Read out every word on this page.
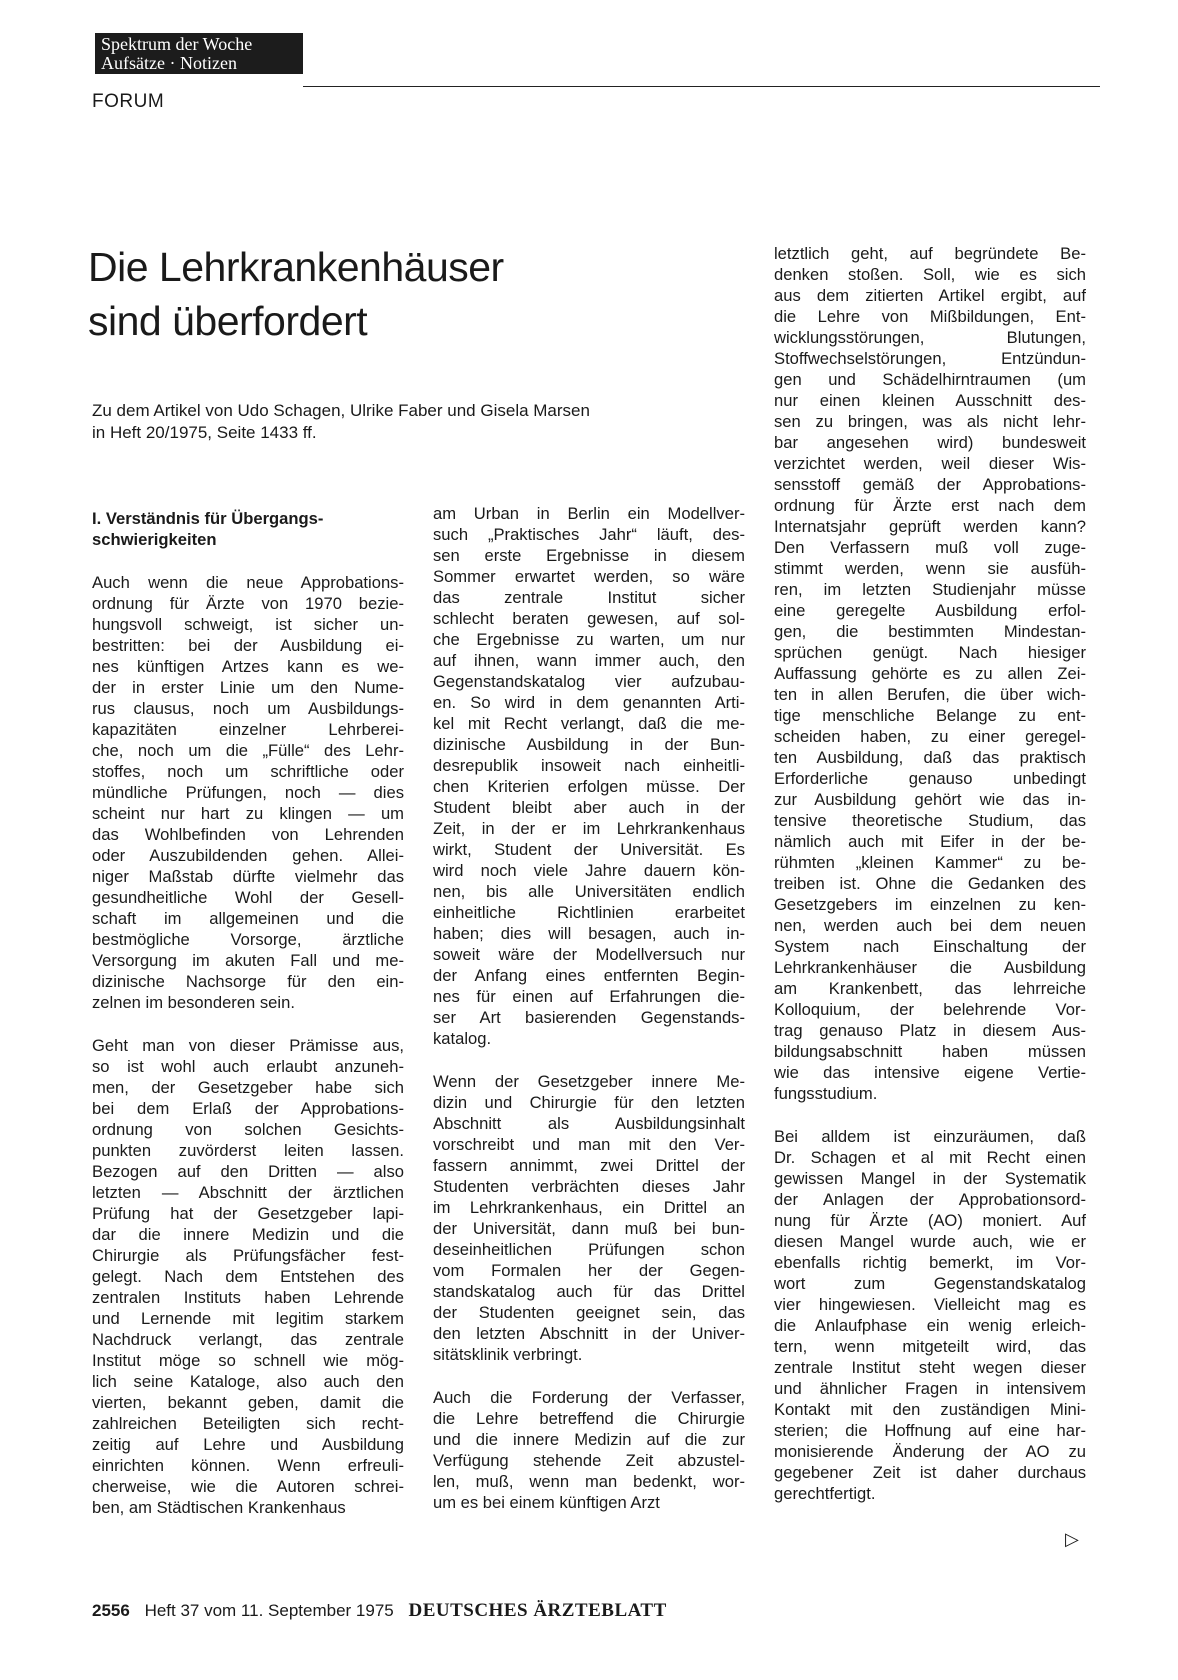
Spektrum der Woche
Aufsätze · Notizen
FORUM
Die Lehrkrankenhäuser
sind überfordert
Zu dem Artikel von Udo Schagen, Ulrike Faber und Gisela Marsen
in Heft 20/1975, Seite 1433 ff.
I. Verständnis für Übergangs-
schwierigkeiten
Auch wenn die neue Approbations-
ordnung für Ärzte von 1970 bezie-
hungsvoll schweigt, ist sicher un-
bestritten: bei der Ausbildung ei-
nes künftigen Artzes kann es we-
der in erster Linie um den Nume-
rus clausus, noch um Ausbildungs-
kapazitäten einzelner Lehrberei-
che, noch um die „Fülle“ des Lehr-
stoffes, noch um schriftliche oder
mündliche Prüfungen, noch — dies
scheint nur hart zu klingen — um
das Wohlbefinden von Lehrenden
oder Auszubildenden gehen. Allei-
niger Maßstab dürfte vielmehr das
gesundheitliche Wohl der Gesell-
schaft im allgemeinen und die
bestmögliche Vorsorge, ärztliche
Versorgung im akuten Fall und me-
dizinische Nachsorge für den ein-
zelnen im besonderen sein.
Geht man von dieser Prämisse aus,
so ist wohl auch erlaubt anzuneh-
men, der Gesetzgeber habe sich
bei dem Erlaß der Approbations-
ordnung von solchen Gesichts-
punkten zuvörderst leiten lassen.
Bezogen auf den Dritten — also
letzten — Abschnitt der ärztlichen
Prüfung hat der Gesetzgeber lapi-
dar die innere Medizin und die
Chirurgie als Prüfungsfächer fest-
gelegt. Nach dem Entstehen des
zentralen Instituts haben Lehrende
und Lernende mit legitim starkem
Nachdruck verlangt, das zentrale
Institut möge so schnell wie mög-
lich seine Kataloge, also auch den
vierten, bekannt geben, damit die
zahlreichen Beteiligten sich recht-
zeitig auf Lehre und Ausbildung
einrichten können. Wenn erfreuli-
cherweise, wie die Autoren schrei-
ben, am Städtischen Krankenhaus
am Urban in Berlin ein Modellver-
such „Praktisches Jahr“ läuft, des-
sen erste Ergebnisse in diesem
Sommer erwartet werden, so wäre
das zentrale Institut sicher
schlecht beraten gewesen, auf sol-
che Ergebnisse zu warten, um nur
auf ihnen, wann immer auch, den
Gegenstandskatalog vier aufzubau-
en. So wird in dem genannten Arti-
kel mit Recht verlangt, daß die me-
dizinische Ausbildung in der Bun-
desrepublik insoweit nach einheitli-
chen Kriterien erfolgen müsse. Der
Student bleibt aber auch in der
Zeit, in der er im Lehrkrankenhaus
wirkt, Student der Universität. Es
wird noch viele Jahre dauern kön-
nen, bis alle Universitäten endlich
einheitliche Richtlinien erarbeitet
haben; dies will besagen, auch in-
soweit wäre der Modellversuch nur
der Anfang eines entfernten Begin-
nes für einen auf Erfahrungen die-
ser Art basierenden Gegenstands-
katalog.
Wenn der Gesetzgeber innere Me-
dizin und Chirurgie für den letzten
Abschnitt als Ausbildungsinhalt
vorschreibt und man mit den Ver-
fassern annimmt, zwei Drittel der
Studenten verbrächten dieses Jahr
im Lehrkrankenhaus, ein Drittel an
der Universität, dann muß bei bun-
deseinheitlichen Prüfungen schon
vom Formalen her der Gegen-
standskatalog auch für das Drittel
der Studenten geeignet sein, das
den letzten Abschnitt in der Univer-
sitätsklinik verbringt.
Auch die Forderung der Verfasser,
die Lehre betreffend die Chirurgie
und die innere Medizin auf die zur
Verfügung stehende Zeit abzustel-
len, muß, wenn man bedenkt, wor-
um es bei einem künftigen Arzt
letztlich geht, auf begründete Be-
denken stoßen. Soll, wie es sich
aus dem zitierten Artikel ergibt, auf
die Lehre von Mißbildungen, Ent-
wicklungsstörungen, Blutungen,
Stoffwechselstörungen, Entzündun-
gen und Schädelhirntraumen (um
nur einen kleinen Ausschnitt des-
sen zu bringen, was als nicht lehr-
bar angesehen wird) bundesweit
verzichtet werden, weil dieser Wis-
sensstoff gemäß der Approbations-
ordnung für Ärzte erst nach dem
Internatsjahr geprüft werden kann?
Den Verfassern muß voll zuge-
stimmt werden, wenn sie ausfüh-
ren, im letzten Studienjahr müsse
eine geregelte Ausbildung erfol-
gen, die bestimmten Mindestan-
sprüchen genügt. Nach hiesiger
Auffassung gehörte es zu allen Zei-
ten in allen Berufen, die über wich-
tige menschliche Belange zu ent-
scheiden haben, zu einer geregel-
ten Ausbildung, daß das praktisch
Erforderliche genauso unbedingt
zur Ausbildung gehört wie das in-
tensive theoretische Studium, das
nämlich auch mit Eifer in der be-
rühmten „kleinen Kammer“ zu be-
treiben ist. Ohne die Gedanken des
Gesetzgebers im einzelnen zu ken-
nen, werden auch bei dem neuen
System nach Einschaltung der
Lehrkrankenhäuser die Ausbildung
am Krankenbett, das lehrreiche
Kolloquium, der belehrende Vor-
trag genauso Platz in diesem Aus-
bildungsabschnitt haben müssen
wie das intensive eigene Vertie-
fungsstudium.
Bei alldem ist einzuräumen, daß
Dr. Schagen et al mit Recht einen
gewissen Mangel in der Systematik
der Anlagen der Approbationsord-
nung für Ärzte (AO) moniert. Auf
diesen Mangel wurde auch, wie er
ebenfalls richtig bemerkt, im Vor-
wort zum Gegenstandskatalog
vier hingewiesen. Vielleicht mag es
die Anlaufphase ein wenig erleich-
tern, wenn mitgeteilt wird, das
zentrale Institut steht wegen dieser
und ähnlicher Fragen in intensivem
Kontakt mit den zuständigen Mini-
sterien; die Hoffnung auf eine har-
monisierende Änderung der AO zu
gegebener Zeit ist daher durchaus
gerechtfertigt.
▷
2556 Heft 37 vom 11. September 1975 DEUTSCHES ÄRZTEBLATT
